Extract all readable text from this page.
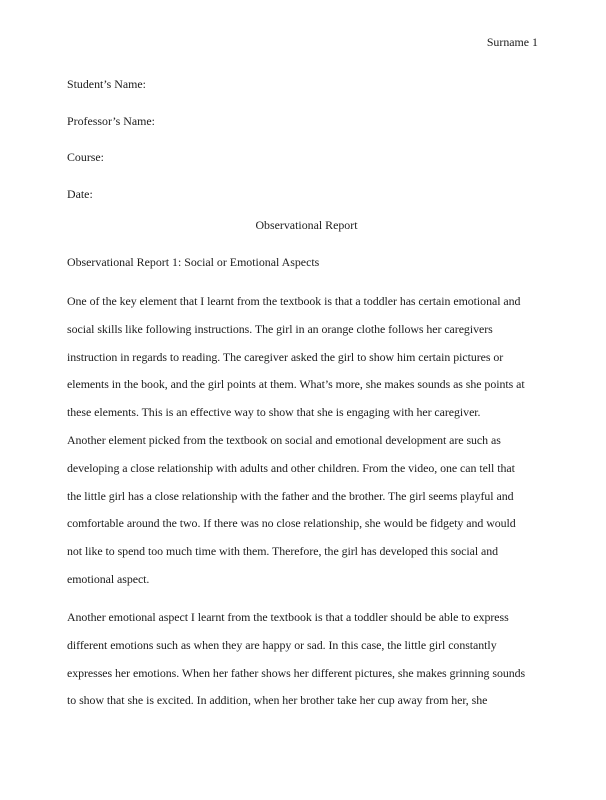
Surname 1
Student’s Name:
Professor’s Name:
Course:
Date:
Observational Report
Observational Report 1: Social or Emotional Aspects
One of the key element that I learnt from the textbook is that a toddler has certain emotional and
social skills like following instructions. The girl in an orange clothe follows her caregivers
instruction in regards to reading. The caregiver asked the girl to show him certain pictures or
elements in the book, and the girl points at them. What’s more, she makes sounds as she points at
these elements. This is an effective way to show that she is engaging with her caregiver.
Another element picked from the textbook on social and emotional development are such as
developing a close relationship with adults and other children. From the video, one can tell that
the little girl has a close relationship with the father and the brother. The girl seems playful and
comfortable around the two. If there was no close relationship, she would be fidgety and would
not like to spend too much time with them. Therefore, the girl has developed this social and
emotional aspect.
Another emotional aspect I learnt from the textbook is that a toddler should be able to express
different emotions such as when they are happy or sad. In this case, the little girl constantly
expresses her emotions. When her father shows her different pictures, she makes grinning sounds
to show that she is excited. In addition, when her brother take her cup away from her, she
